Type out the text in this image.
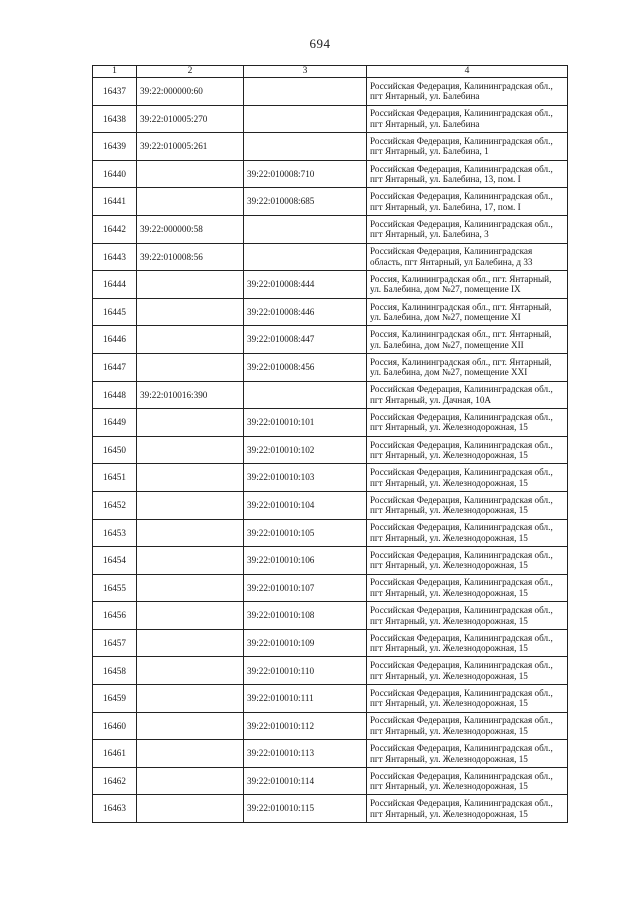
694
1	2	3	4
16437	39:22:000000:60		Российская Федерация, Калининградская обл.,
пгт Янтарный, ул. Балебина

16438	39:22:010005:270		Российская Федерация, Калининградская обл.,
пгт Янтарный, ул. Балебина

16439	39:22:010005:261		Российская Федерация, Калининградская обл.,
пгт Янтарный, ул. Балебина, 1

16440		39:22:010008:710	Российская Федерация, Калининградская обл.,
пгт Янтарный, ул. Балебина, 13, пом. I

16441		39:22:010008:685	Российская Федерация, Калининградская обл.,
пгт Янтарный, ул. Балебина, 17, пом. I

16442	39:22:000000:58		Российская Федерация, Калининградская обл.,
пгт Янтарный, ул. Балебина, 3

16443	39:22:010008:56		Российская Федерация, Калининградская
область, пгт Янтарный, ул Балебина, д 33

16444		39:22:010008:444	Россия, Калининградская обл., пгт. Янтарный,
ул. Балебина, дом №27, помещение IX

16445		39:22:010008:446	Россия, Калининградская обл., пгт. Янтарный,
ул. Балебина, дом №27, помещение XI

16446		39:22:010008:447	Россия, Калининградская обл., пгт. Янтарный,
ул. Балебина, дом №27, помещение XII

16447		39:22:010008:456	Россия, Калининградская обл., пгт. Янтарный,
ул. Балебина, дом №27, помещение XXI

16448	39:22:010016:390		Российская Федерация, Калининградская обл.,
пгт Янтарный, ул. Дачная, 10А

16449		39:22:010010:101	Российская Федерация, Калининградская обл.,
пгт Янтарный, ул. Железнодорожная, 15

16450		39:22:010010:102	Российская Федерация, Калининградская обл.,
пгт Янтарный, ул. Железнодорожная, 15

16451		39:22:010010:103	Российская Федерация, Калининградская обл.,
пгт Янтарный, ул. Железнодорожная, 15

16452		39:22:010010:104	Российская Федерация, Калининградская обл.,
пгт Янтарный, ул. Железнодорожная, 15

16453		39:22:010010:105	Российская Федерация, Калининградская обл.,
пгт Янтарный, ул. Железнодорожная, 15

16454		39:22:010010:106	Российская Федерация, Калининградская обл.,
пгт Янтарный, ул. Железнодорожная, 15

16455		39:22:010010:107	Российская Федерация, Калининградская обл.,
пгт Янтарный, ул. Железнодорожная, 15

16456		39:22:010010:108	Российская Федерация, Калининградская обл.,
пгт Янтарный, ул. Железнодорожная, 15

16457		39:22:010010:109	Российская Федерация, Калининградская обл.,
пгт Янтарный, ул. Железнодорожная, 15

16458		39:22:010010:110	Российская Федерация, Калининградская обл.,
пгт Янтарный, ул. Железнодорожная, 15

16459		39:22:010010:111	Российская Федерация, Калининградская обл.,
пгт Янтарный, ул. Железнодорожная, 15

16460		39:22:010010:112	Российская Федерация, Калининградская обл.,
пгт Янтарный, ул. Железнодорожная, 15

16461		39:22:010010:113	Российская Федерация, Калининградская обл.,
пгт Янтарный, ул. Железнодорожная, 15

16462		39:22:010010:114	Российская Федерация, Калининградская обл.,
пгт Янтарный, ул. Железнодорожная, 15

16463		39:22:010010:115	Российская Федерация, Калининградская обл.,
пгт Янтарный, ул. Железнодорожная, 15
